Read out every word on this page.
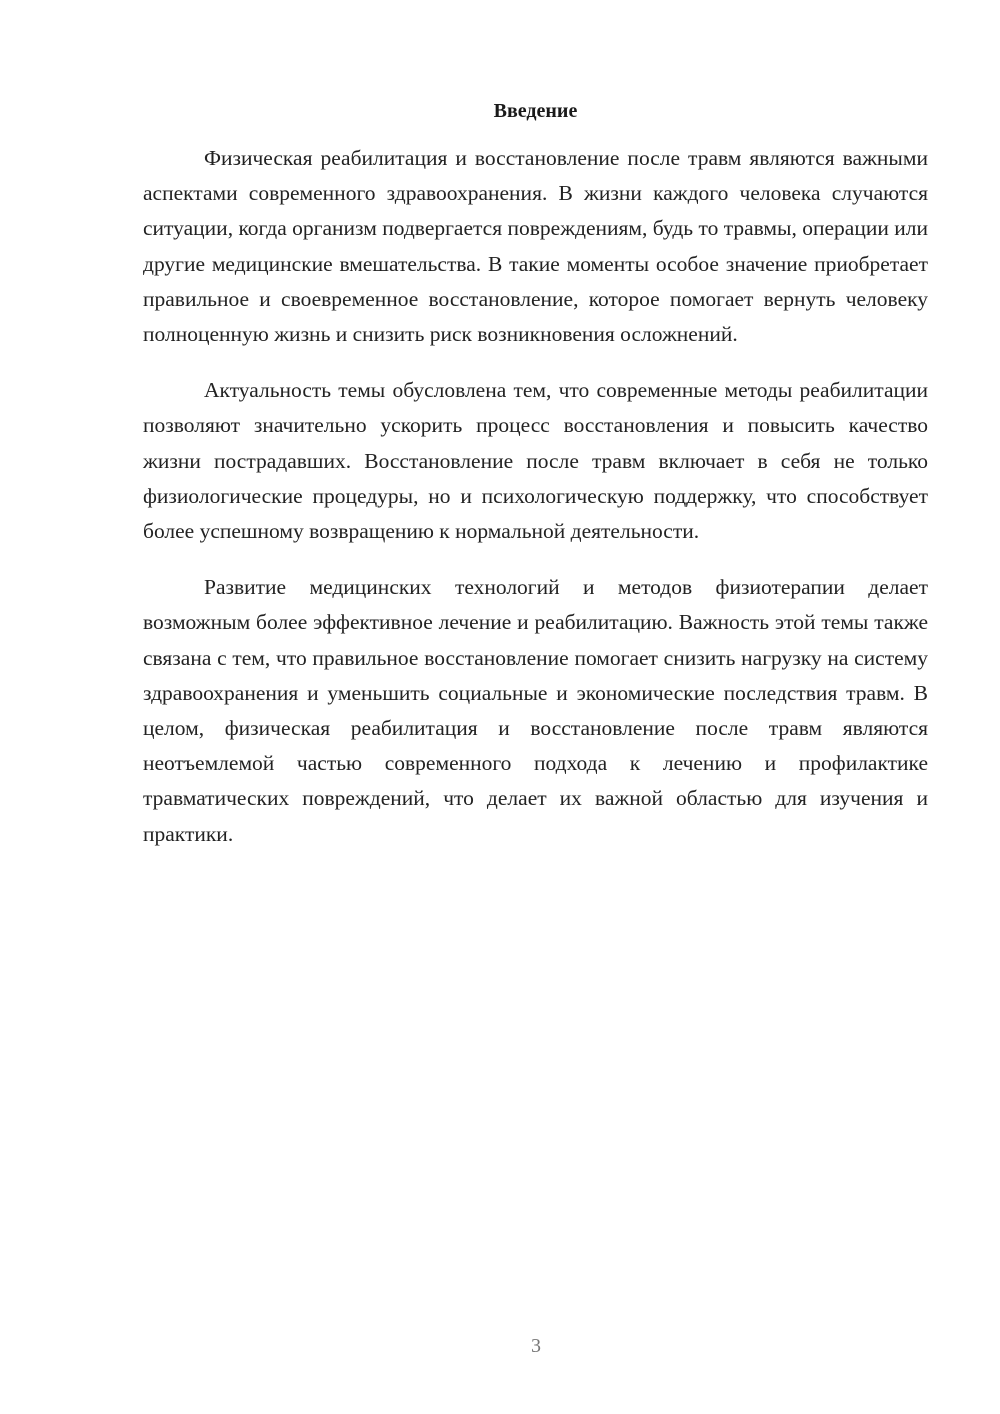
Введение

Физическая реабилитация и восстановление после травм являются важными аспектами современного здравоохранения. В жизни каждого человека случаются ситуации, когда организм подвергается повреждениям, будь то травмы, операции или другие медицинские вмешательства. В такие моменты особое значение приобретает правильное и своевременное восстановление, которое помогает вернуть человеку полноценную жизнь и снизить риск возникновения осложнений.

Актуальность темы обусловлена тем, что современные методы реабилитации позволяют значительно ускорить процесс восстановления и повысить качество жизни пострадавших. Восстановление после травм включает в себя не только физиологические процедуры, но и психологическую поддержку, что способствует более успешному возвращению к нормальной деятельности.

Развитие медицинских технологий и методов физиотерапии делает возможным более эффективное лечение и реабилитацию. Важность этой темы также связана с тем, что правильное восстановление помогает снизить нагрузку на систему здравоохранения и уменьшить социальные и экономические последствия травм. В целом, физическая реабилитация и восстановление после травм являются неотъемлемой частью современного подхода к лечению и профилактике травматических повреждений, что делает их важной областью для изучения и практики.

3
